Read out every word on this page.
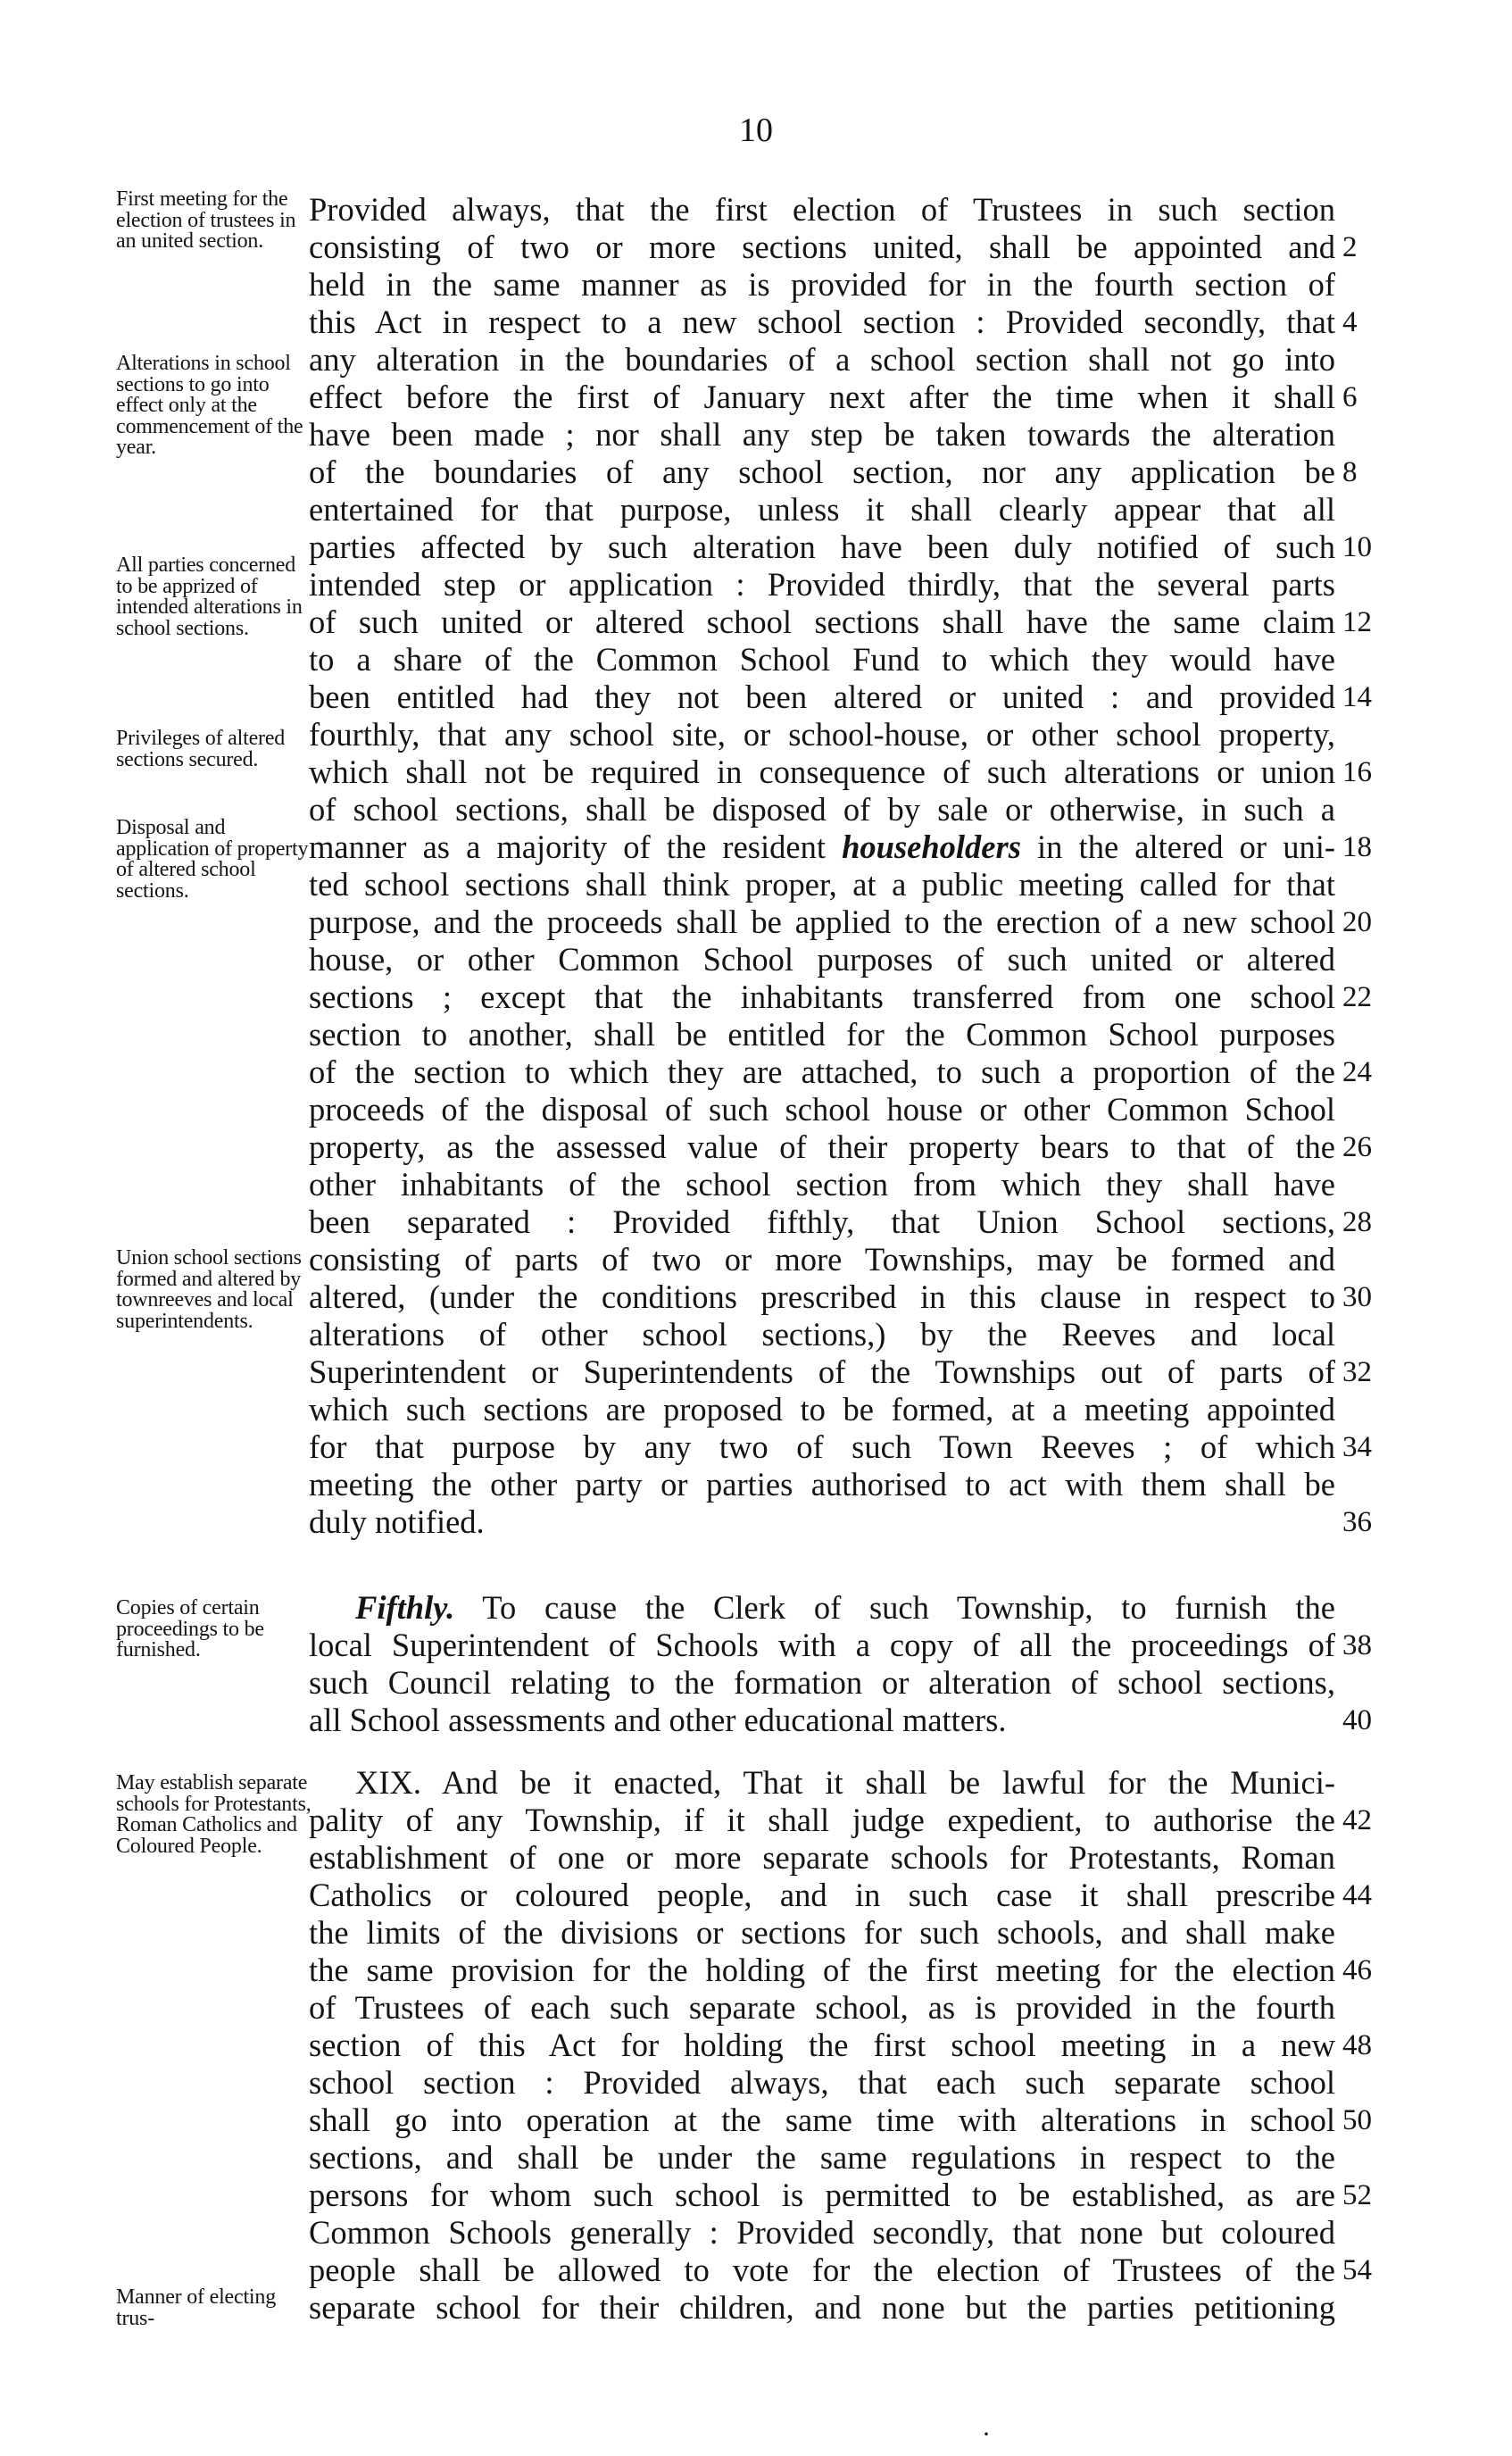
10
First meeting for the election of trustees in an united section.
Alterations in school sections to go into effect only at the commencement of the year.
All parties concerned to be apprized of intended alterations in school sections.
Privileges of altered sections secured.
Disposal and application of property of altered school sections.
Union school sections formed and altered by townreeves and local superintendents.
Copies of certain proceedings to be furnished.
May establish separate schools for Protestants, Roman Catholics and Coloured People.
Manner of electing trus-
Provided always, that the first election of Trustees in such section
consisting of two or more sections united, shall be appointed and
held in the same manner as is provided for in the fourth section of
this Act in respect to a new school section : Provided secondly, that
any alteration in the boundaries of a school section shall not go into
effect before the first of January next after the time when it shall
have been made ; nor shall any step be taken towards the alteration
of the boundaries of any school section, nor any application be
entertained for that purpose, unless it shall clearly appear that all
parties affected by such alteration have been duly notified of such
intended step or application : Provided thirdly, that the several parts
of such united or altered school sections shall have the same claim
to a share of the Common School Fund to which they would have
been entitled had they not been altered or united : and provided
fourthly, that any school site, or school-house, or other school property,
which shall not be required in consequence of such alterations or union
of school sections, shall be disposed of by sale or otherwise, in such a
manner as a majority of the resident householders in the altered or uni-
ted school sections shall think proper, at a public meeting called for that
purpose, and the proceeds shall be applied to the erection of a new school
house, or other Common School purposes of such united or altered
sections ; except that the inhabitants transferred from one school
section to another, shall be entitled for the Common School purposes
of the section to which they are attached, to such a proportion of the
proceeds of the disposal of such school house or other Common School
property, as the assessed value of their property bears to that of the
other inhabitants of the school section from which they shall have
been separated : Provided fifthly, that Union School sections,
consisting of parts of two or more Townships, may be formed and
altered, (under the conditions prescribed in this clause in respect to
alterations of other school sections,) by the Reeves and local
Superintendent or Superintendents of the Townships out of parts of
which such sections are proposed to be formed, at a meeting appointed
for that purpose by any two of such Town Reeves ; of which
meeting the other party or parties authorised to act with them shall be
duly notified.
Fifthly. To cause the Clerk of such Township, to furnish the
local Superintendent of Schools with a copy of all the proceedings of
such Council relating to the formation or alteration of school sections,
all School assessments and other educational matters.
XIX. And be it enacted, That it shall be lawful for the Munici-
pality of any Township, if it shall judge expedient, to authorise the
establishment of one or more separate schools for Protestants, Roman
Catholics or coloured people, and in such case it shall prescribe
the limits of the divisions or sections for such schools, and shall make
the same provision for the holding of the first meeting for the election
of Trustees of each such separate school, as is provided in the fourth
section of this Act for holding the first school meeting in a new
school section : Provided always, that each such separate school
shall go into operation at the same time with alterations in school
sections, and shall be under the same regulations in respect to the
persons for whom such school is permitted to be established, as are
Common Schools generally : Provided secondly, that none but coloured
people shall be allowed to vote for the election of Trustees of the
separate school for their children, and none but the parties petitioning
2
4
6
8
10
12
14
16
18
20
22
24
26
28
30
32
34
36
38
40
42
44
46
48
50
52
54
·
